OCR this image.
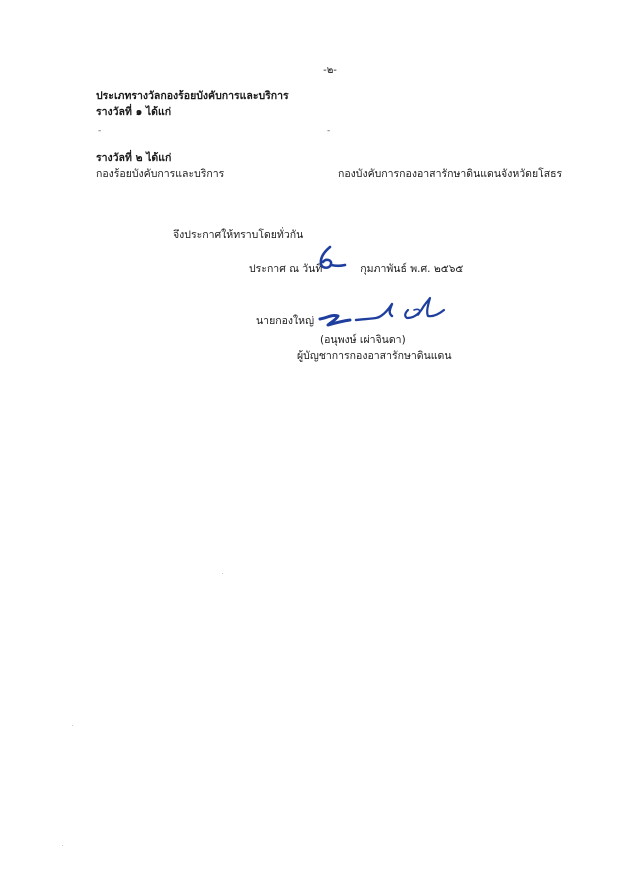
-๒-
ประเภทรางวัลกองร้อยบังคับการและบริการ
รางวัลที่ ๑ ได้แก่
-	-
รางวัลที่ ๒ ได้แก่
กองร้อยบังคับการและบริการ	กองบังคับการกองอาสารักษาดินแดนจังหวัดยโสธร
จึงประกาศให้ทราบโดยทั่วกัน
ประกาศ ณ วันที่	กุมภาพันธ์ พ.ศ. ๒๕๖๕
นายกองใหญ่
(อนุพงษ์ เผ่าจินดา)
ผู้บัญชาการกองอาสารักษาดินแดน
